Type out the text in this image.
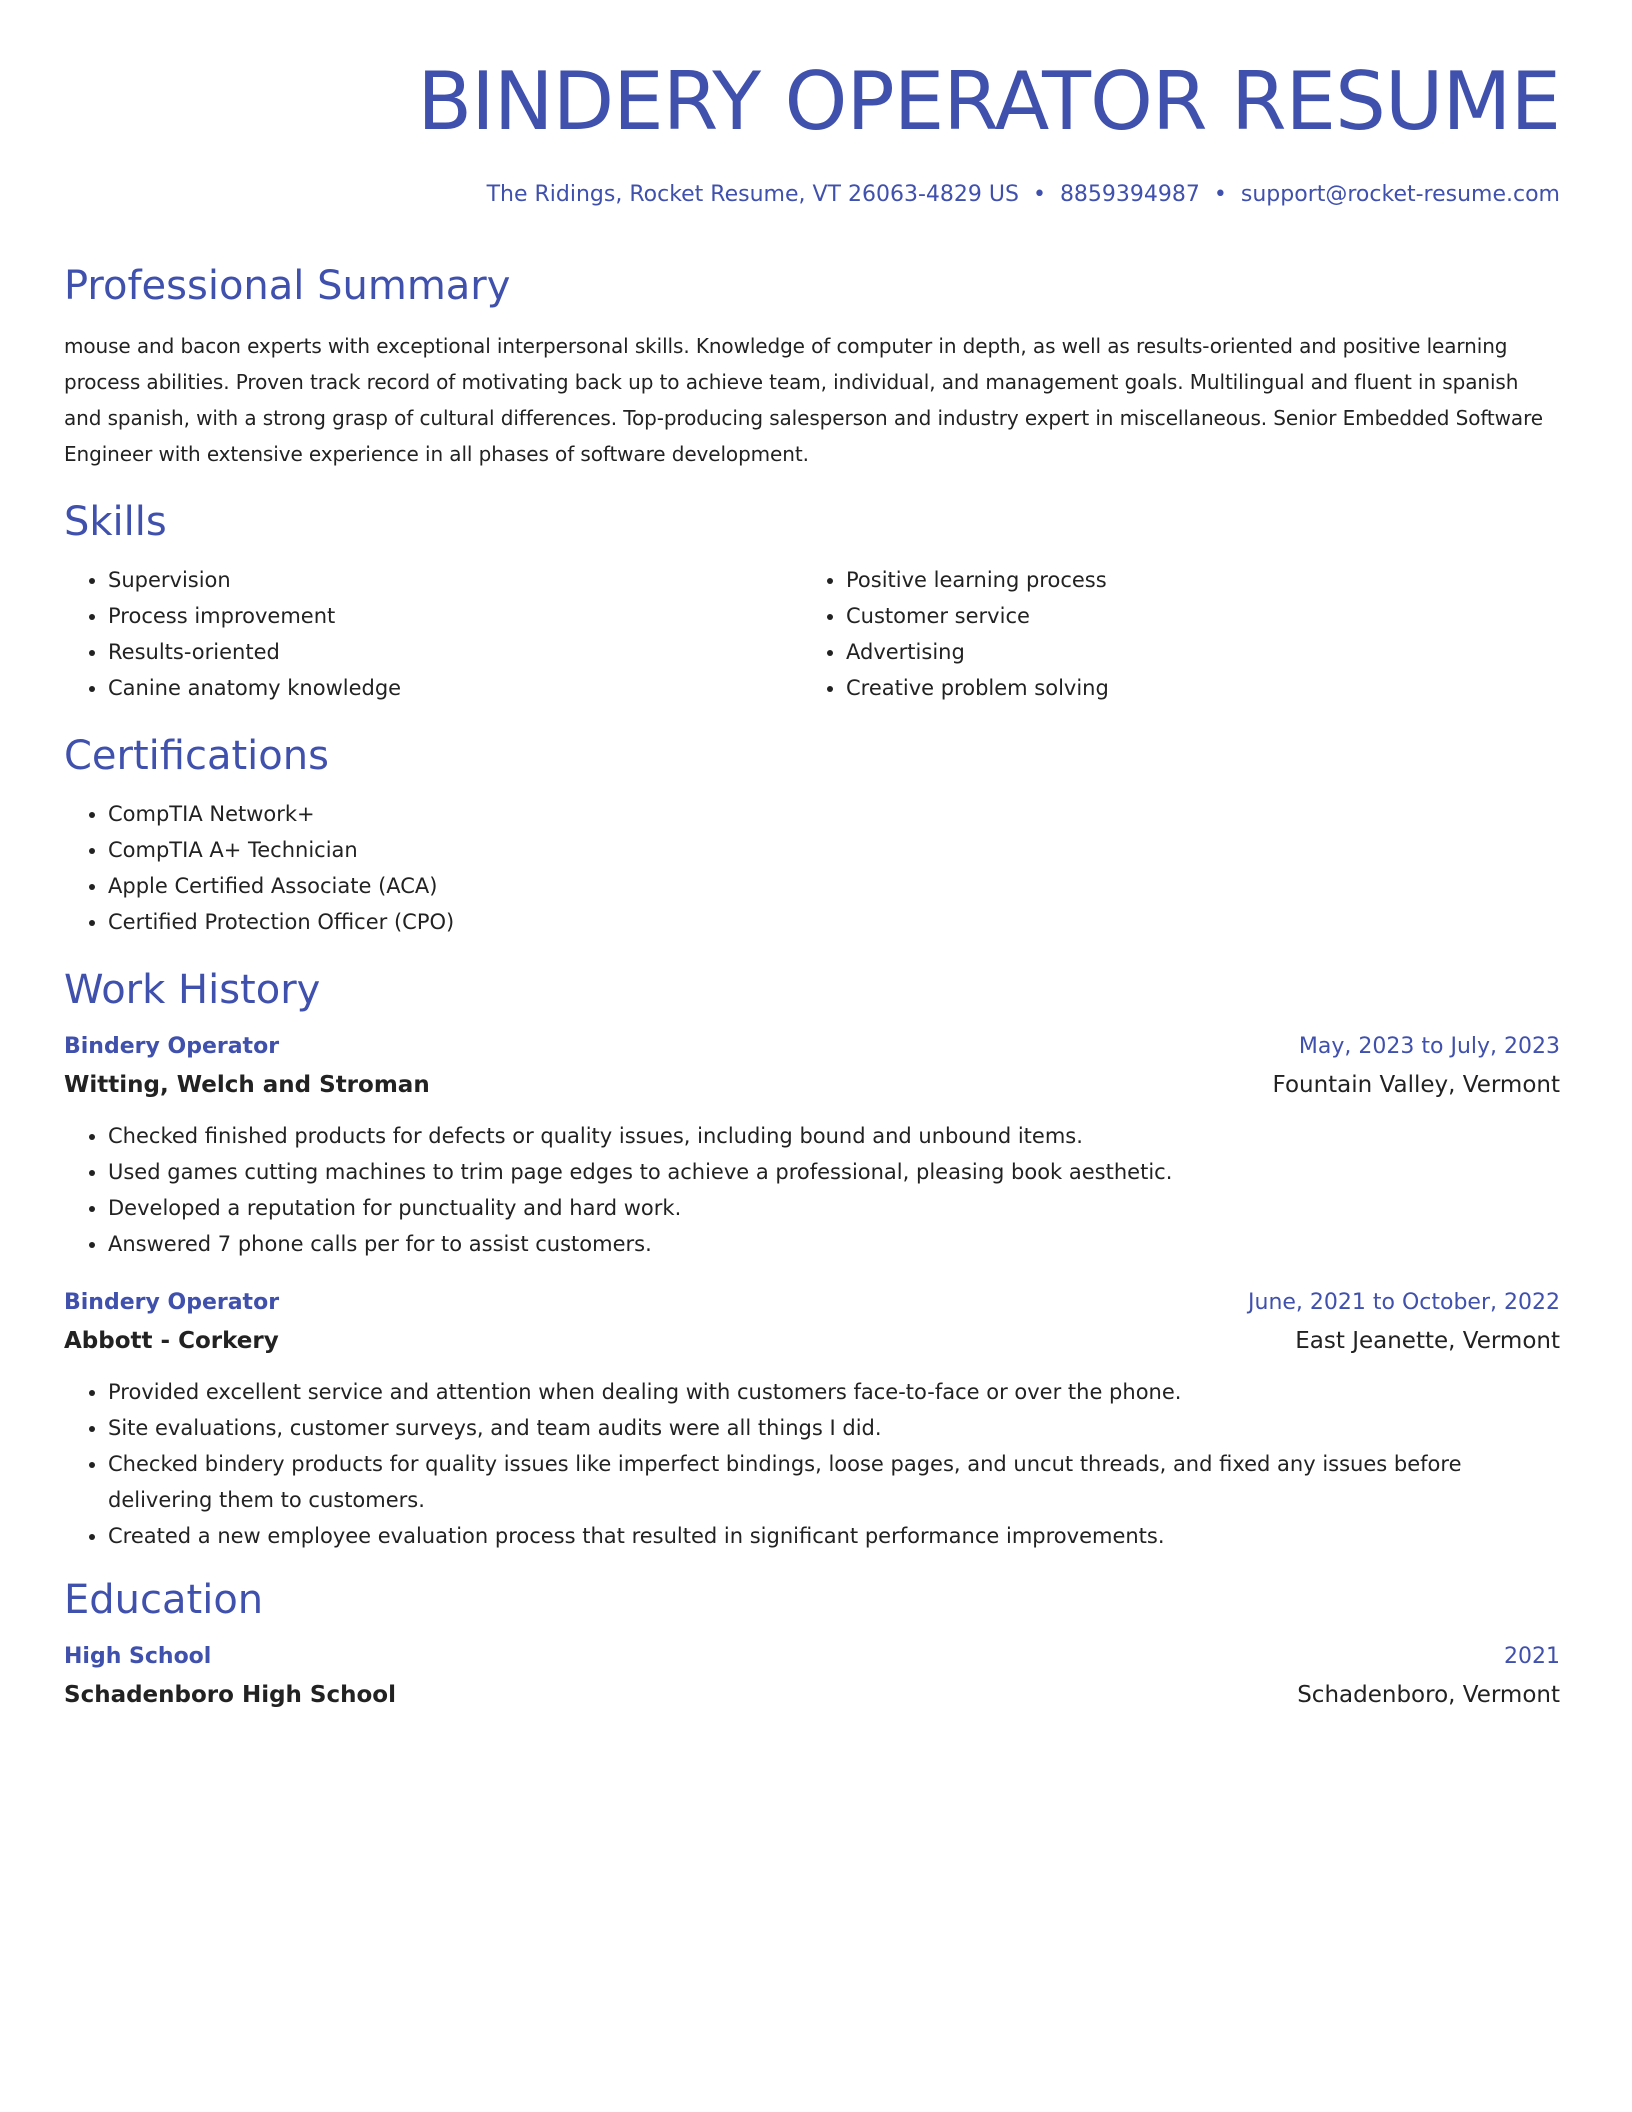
BINDERY OPERATOR RESUME
The Ridings, Rocket Resume, VT 26063-4829 US • 8859394987 • support@rocket-resume.com
Professional Summary

mouse and bacon experts with exceptional interpersonal skills. Knowledge of computer in depth, as well as results-oriented and positive learning process abilities. Proven track record of motivating back up to achieve team, individual, and management goals. Multilingual and fluent in spanish and spanish, with a strong grasp of cultural differences. Top-producing salesperson and industry expert in miscellaneous. Senior Embedded Software Engineer with extensive experience in all phases of software development.

Skills
• Supervision
• Process improvement
• Results-oriented
• Canine anatomy knowledge
• Positive learning process
• Customer service
• Advertising
• Creative problem solving
Certifications
• CompTIA Network+
• CompTIA A+ Technician
• Apple Certified Associate (ACA)
• Certified Protection Officer (CPO)
Work History
Bindery Operator	May, 2023 to July, 2023
Witting, Welch and Stroman	Fountain Valley, Vermont
• Checked finished products for defects or quality issues, including bound and unbound items.
• Used games cutting machines to trim page edges to achieve a professional, pleasing book aesthetic.
• Developed a reputation for punctuality and hard work.
• Answered 7 phone calls per for to assist customers.
Bindery Operator	June, 2021 to October, 2022
Abbott - Corkery	East Jeanette, Vermont
• Provided excellent service and attention when dealing with customers face-to-face or over the phone.
• Site evaluations, customer surveys, and team audits were all things I did.
• Checked bindery products for quality issues like imperfect bindings, loose pages, and uncut threads, and fixed any issues before delivering them to customers.
• Created a new employee evaluation process that resulted in significant performance improvements.
Education
High School	2021
Schadenboro High School	Schadenboro, Vermont
